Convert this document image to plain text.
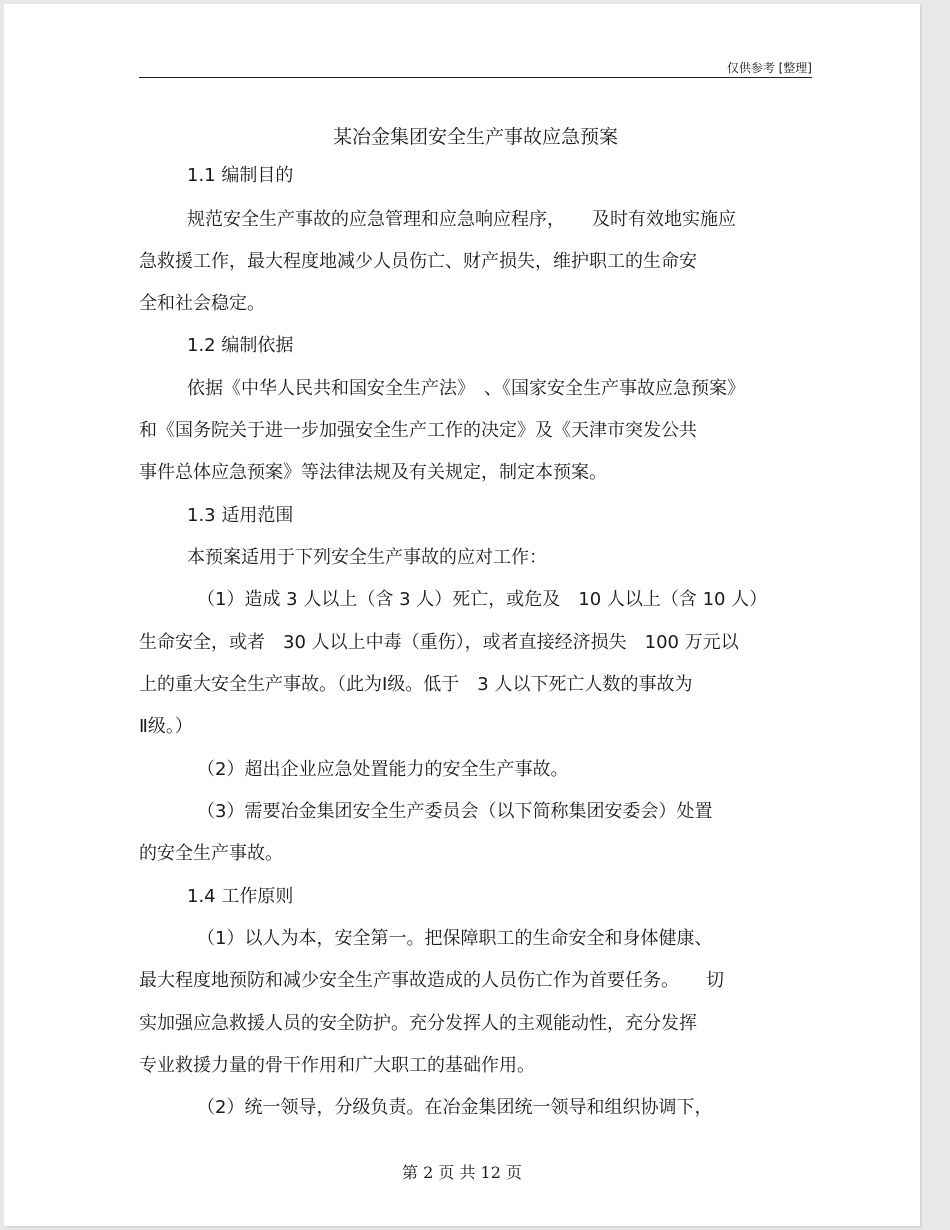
仅供参考 [整理]
某冶金集团安全生产事故应急预案
1.1 编制目的
规范安全生产事故的应急管理和应急响应程序，　　及时有效地实施应
急救援工作，最大程度地减少人员伤亡、财产损失，维护职工的生命安
全和社会稳定。
1.2 编制依据
依据《中华人民共和国安全生产法》　、《国家安全生产事故应急预案》
和《国务院关于进一步加强安全生产工作的决定》及《天津市突发公共
事件总体应急预案》等法律法规及有关规定，制定本预案。
1.3 适用范围
本预案适用于下列安全生产事故的应对工作：
（1）造成 3 人以上（含 3 人）死亡，或危及　10 人以上（含 10 人）
生命安全，或者　30 人以上中毒（重伤），或者直接经济损失　100 万元以
上的重大安全生产事故。（此为Ⅰ级。低于　3 人以下死亡人数的事故为
Ⅱ级。）
（2）超出企业应急处置能力的安全生产事故。
（3）需要冶金集团安全生产委员会（以下简称集团安委会）处置
的安全生产事故。
1.4 工作原则
（1）以人为本，安全第一。把保障职工的生命安全和身体健康、
最大程度地预防和减少安全生产事故造成的人员伤亡作为首要任务。　　切
实加强应急救援人员的安全防护。充分发挥人的主观能动性，充分发挥
专业救援力量的骨干作用和广大职工的基础作用。
（2）统一领导，分级负责。在冶金集团统一领导和组织协调下，
第 2 页 共 12 页
